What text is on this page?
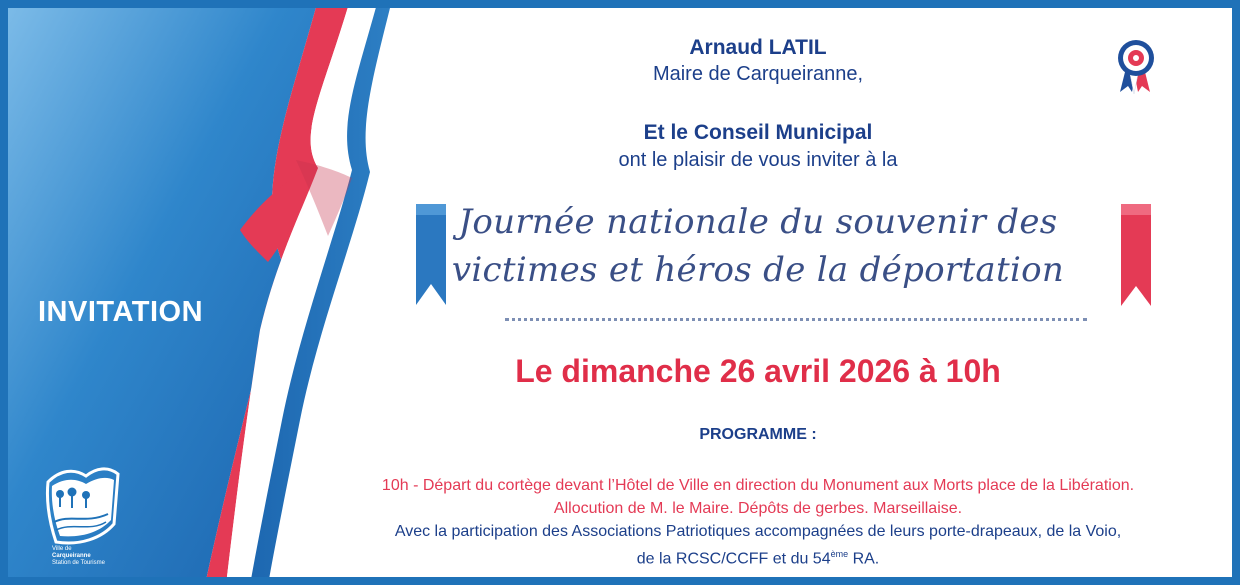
INVITATION
Ville de
Carqueiranne
Station de Tourisme
Arnaud LATIL
Maire de Carqueiranne,
Et le Conseil Municipal
ont le plaisir de vous inviter à la
Journée nationale du souvenir des
victimes et héros de la déportation
Le dimanche 26 avril 2026 à 10h
PROGRAMME :
10h - Départ du cortège devant l’Hôtel de Ville en direction du Monument aux Morts place de la Libération.
Allocution de M. le Maire. Dépôts de gerbes. Marseillaise.
Avec la participation des Associations Patriotiques accompagnées de leurs porte-drapeaux, de la Voio,
de la RCSC/CCFF et du 54ème RA.
